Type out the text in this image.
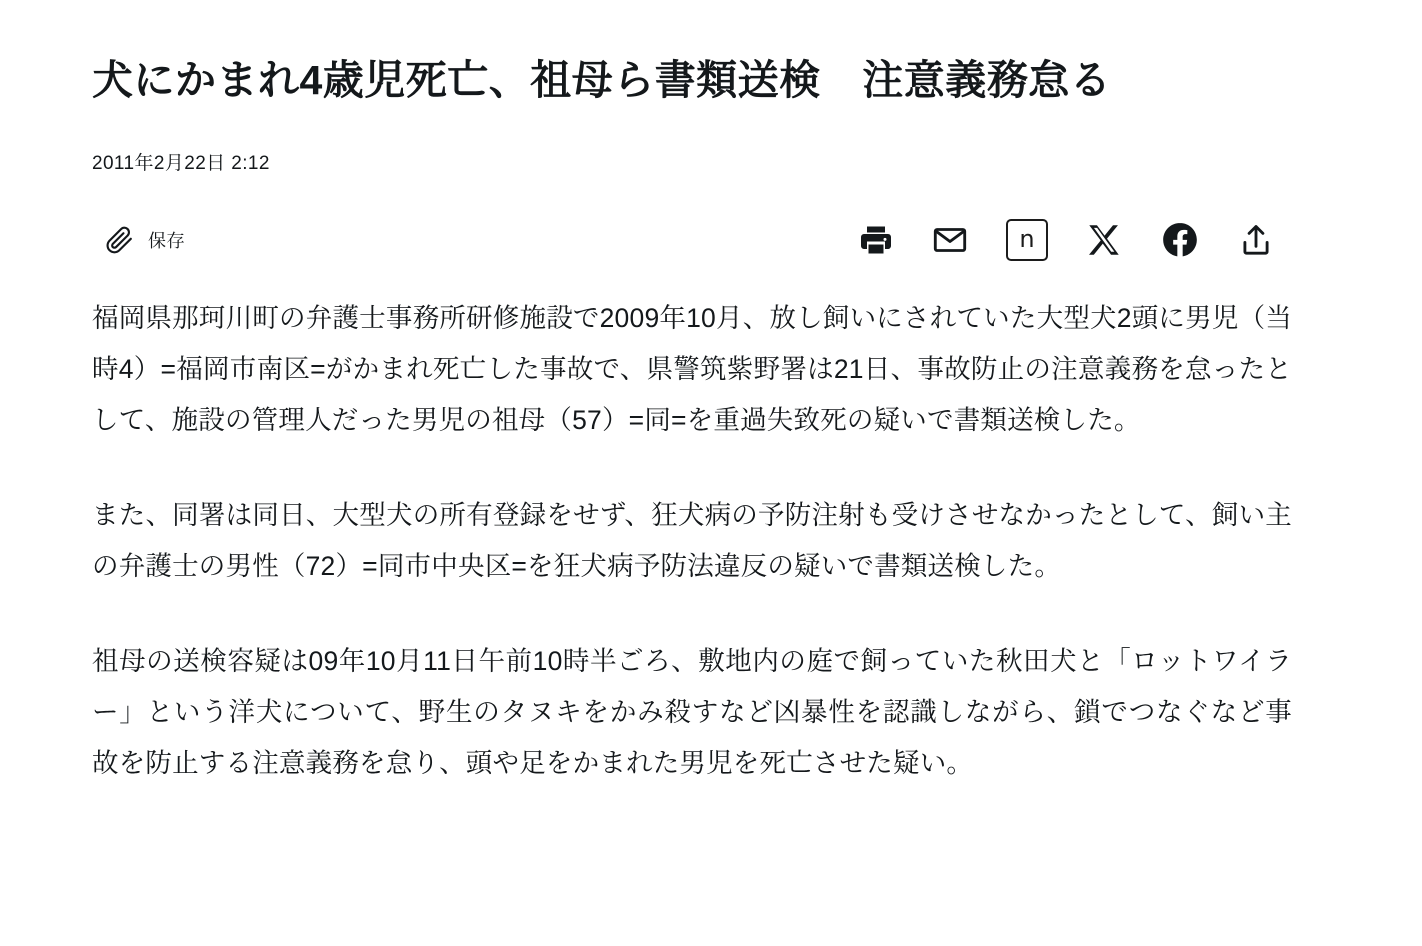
犬にかまれ4歳児死亡、祖母ら書類送検　注意義務怠る
2011年2月22日 2:12
保存	n

福岡県那珂川町の弁護士事務所研修施設で2009年10月、放し飼いにされていた大型犬2頭に男児（当時4）=福岡市南区=がかまれ死亡した事故で、県警筑紫野署は21日、事故防止の注意義務を怠ったとして、施設の管理人だった男児の祖母（57）=同=を重過失致死の疑いで書類送検した。

また、同署は同日、大型犬の所有登録をせず、狂犬病の予防注射も受けさせなかったとして、飼い主の弁護士の男性（72）=同市中央区=を狂犬病予防法違反の疑いで書類送検した。

祖母の送検容疑は09年10月11日午前10時半ごろ、敷地内の庭で飼っていた秋田犬と「ロットワイラー」という洋犬について、野生のタヌキをかみ殺すなど凶暴性を認識しながら、鎖でつなぐなど事故を防止する注意義務を怠り、頭や足をかまれた男児を死亡させた疑い。
